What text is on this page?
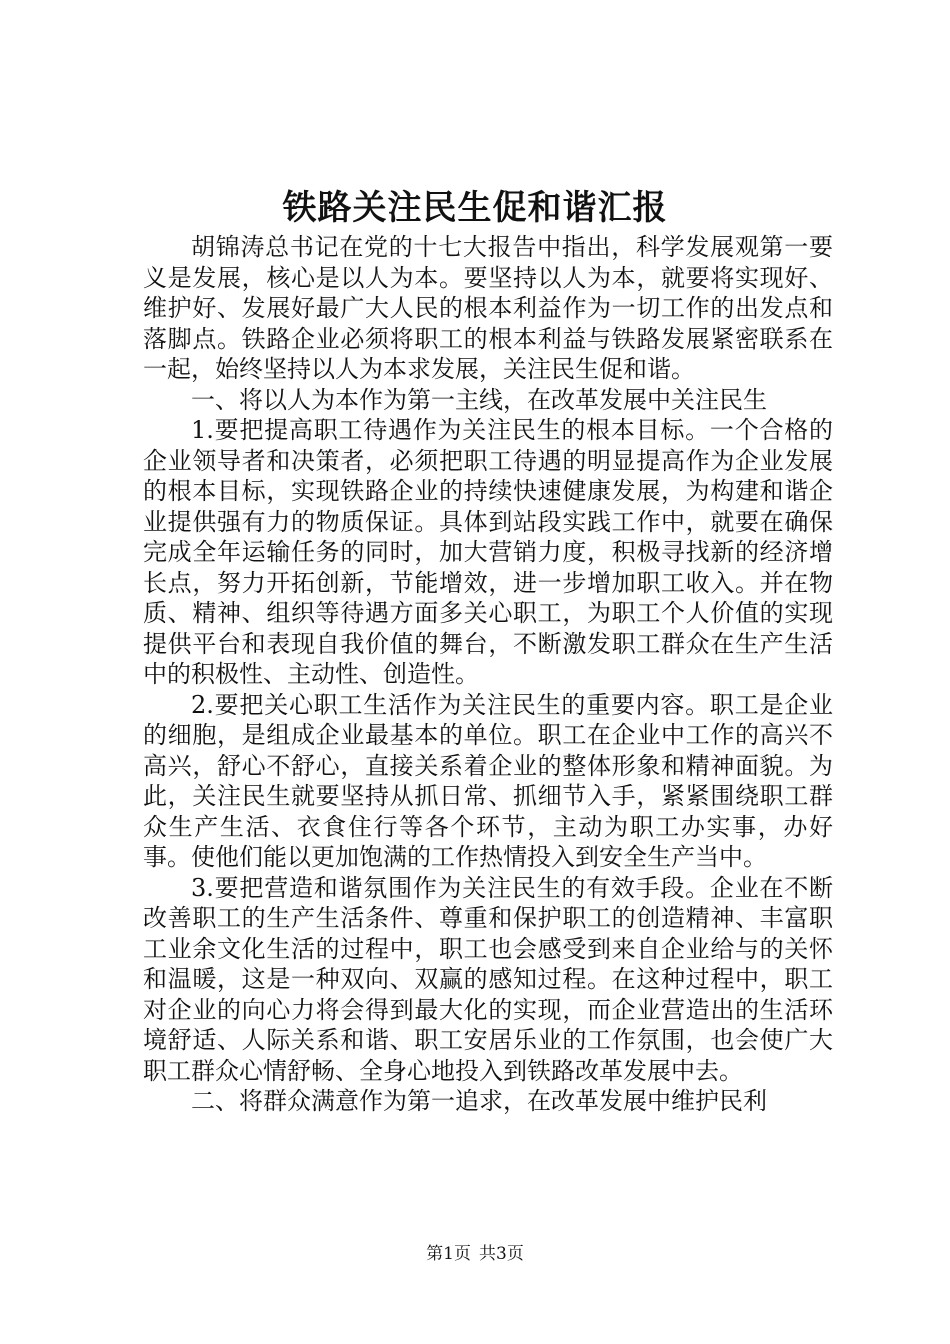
铁路关注民生促和谐汇报

胡锦涛总书记在党的十七大报告中指出，科学发展观第一要义是发展，核心是以人为本。要坚持以人为本，就要将实现好、维护好、发展好最广大人民的根本利益作为一切工作的出发点和落脚点。铁路企业必须将职工的根本利益与铁路发展紧密联系在一起，始终坚持以人为本求发展，关注民生促和谐。

一、将以人为本作为第一主线，在改革发展中关注民生

1.要把提高职工待遇作为关注民生的根本目标。一个合格的企业领导者和决策者，必须把职工待遇的明显提高作为企业发展的根本目标，实现铁路企业的持续快速健康发展，为构建和谐企业提供强有力的物质保证。具体到站段实践工作中，就要在确保完成全年运输任务的同时，加大营销力度，积极寻找新的经济增长点，努力开拓创新，节能增效，进一步增加职工收入。并在物质、精神、组织等待遇方面多关心职工，为职工个人价值的实现提供平台和表现自我价值的舞台，不断激发职工群众在生产生活中的积极性、主动性、创造性。

2.要把关心职工生活作为关注民生的重要内容。职工是企业的细胞，是组成企业最基本的单位。职工在企业中工作的高兴不高兴，舒心不舒心，直接关系着企业的整体形象和精神面貌。为此，关注民生就要坚持从抓日常、抓细节入手，紧紧围绕职工群众生产生活、衣食住行等各个环节，主动为职工办实事，办好事。使他们能以更加饱满的工作热情投入到安全生产当中。

3.要把营造和谐氛围作为关注民生的有效手段。企业在不断改善职工的生产生活条件、尊重和保护职工的创造精神、丰富职工业余文化生活的过程中，职工也会感受到来自企业给与的关怀和温暖，这是一种双向、双赢的感知过程。在这种过程中，职工对企业的向心力将会得到最大化的实现，而企业营造出的生活环境舒适、人际关系和谐、职工安居乐业的工作氛围，也会使广大职工群众心情舒畅、全身心地投入到铁路改革发展中去。

二、将群众满意作为第一追求，在改革发展中维护民利

第1页 共3页
